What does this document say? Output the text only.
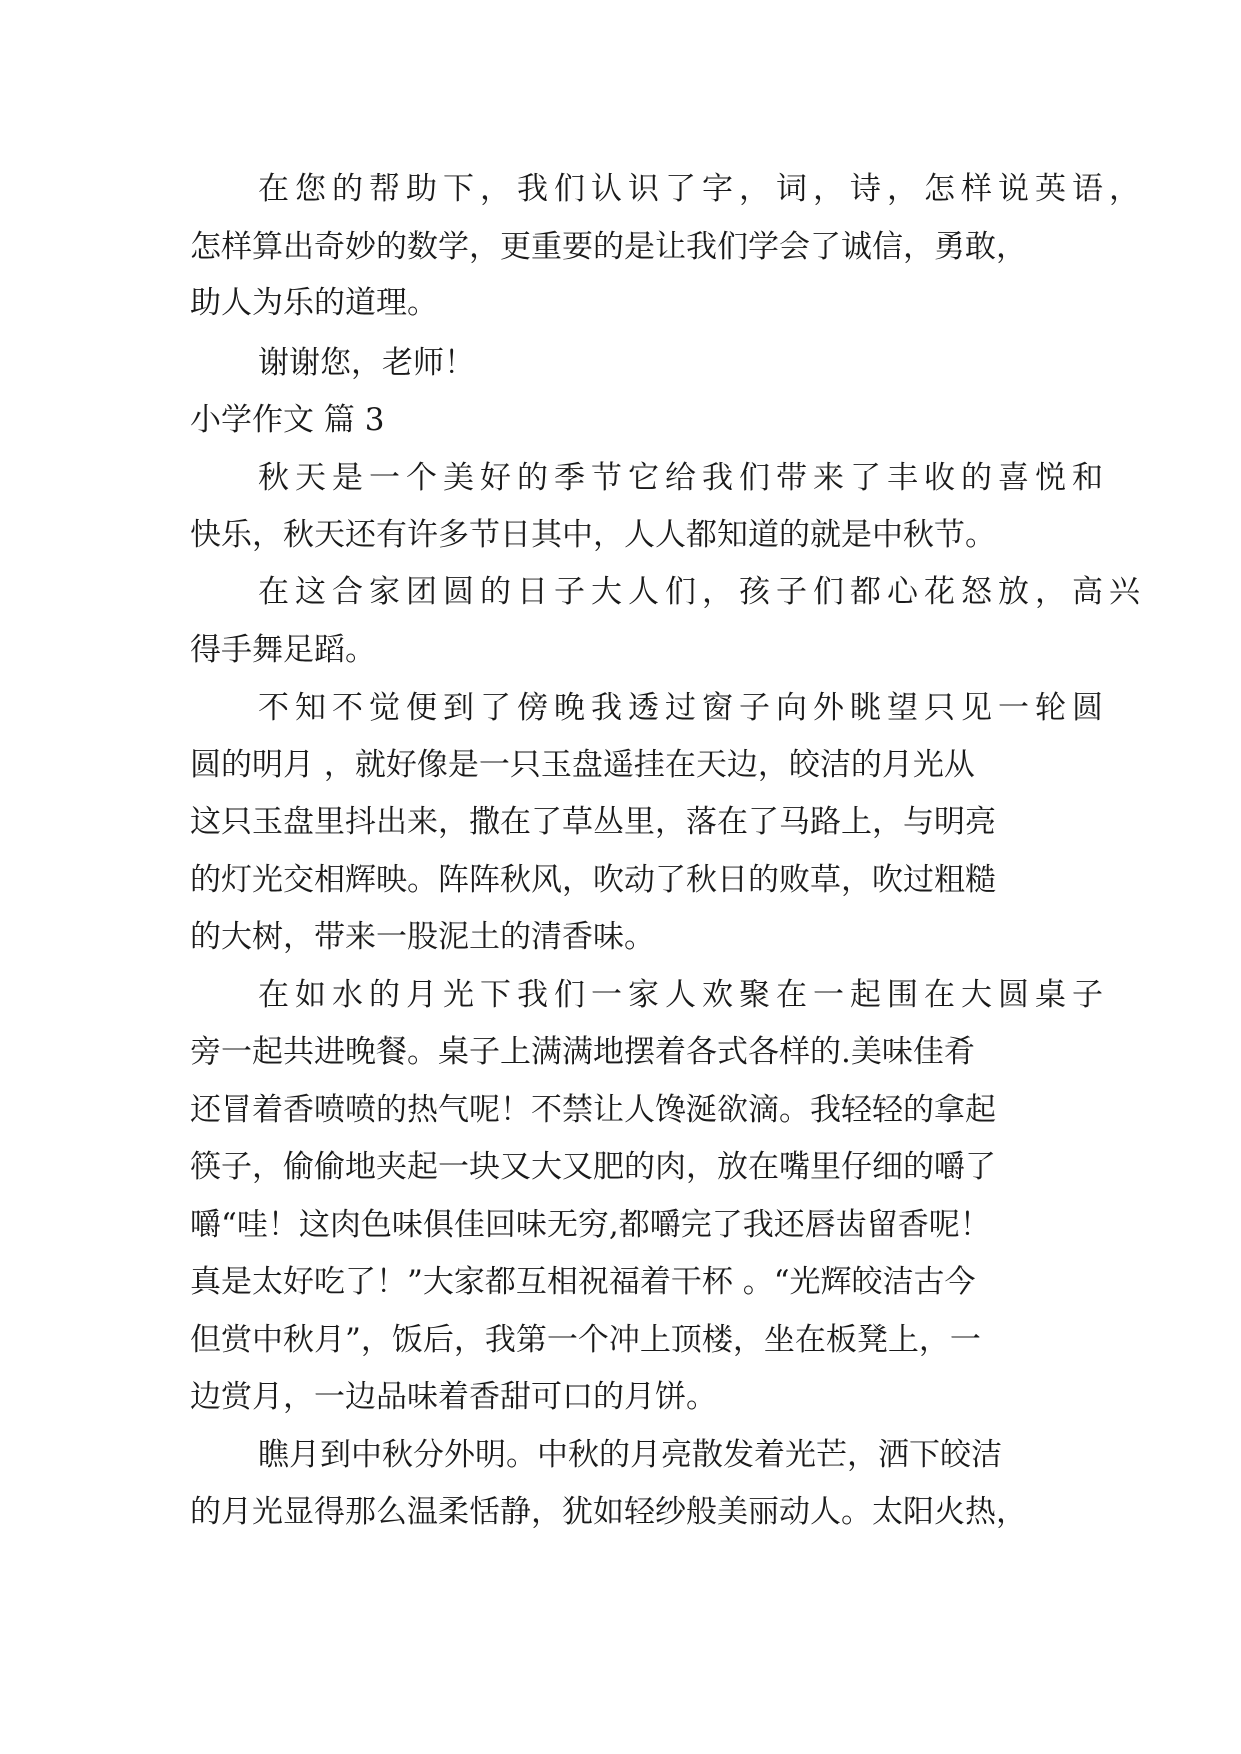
在您的帮助下，我们认识了字，词，诗，怎样说英语，
怎样算出奇妙的数学，更重要的是让我们学会了诚信，勇敢，
助人为乐的道理。
谢谢您，老师！
小学作文 篇 3
秋天是一个美好的季节它给我们带来了丰收的喜悦和
快乐，秋天还有许多节日其中，人人都知道的就是中秋节。
在这合家团圆的日子大人们，孩子们都心花怒放，高兴
得手舞足蹈。
不知不觉便到了傍晚我透过窗子向外眺望只见一轮圆
圆的明月 ，就好像是一只玉盘遥挂在天边，皎洁的月光从
这只玉盘里抖出来，撒在了草丛里，落在了马路上，与明亮
的灯光交相辉映。阵阵秋风，吹动了秋日的败草，吹过粗糙
的大树，带来一股泥土的清香味。
在如水的月光下我们一家人欢聚在一起围在大圆桌子
旁一起共进晚餐。桌子上满满地摆着各式各样的.美味佳肴
还冒着香喷喷的热气呢！不禁让人馋涎欲滴。我轻轻的拿起
筷子，偷偷地夹起一块又大又肥的肉，放在嘴里仔细的嚼了
嚼“哇！这肉色味俱佳回味无穷,都嚼完了我还唇齿留香呢！
真是太好吃了！”大家都互相祝福着干杯 。“光辉皎洁古今
但赏中秋月”，饭后，我第一个冲上顶楼，坐在板凳上，一
边赏月，一边品味着香甜可口的月饼。
瞧月到中秋分外明。中秋的月亮散发着光芒，洒下皎洁
的月光显得那么温柔恬静，犹如轻纱般美丽动人。太阳火热，
